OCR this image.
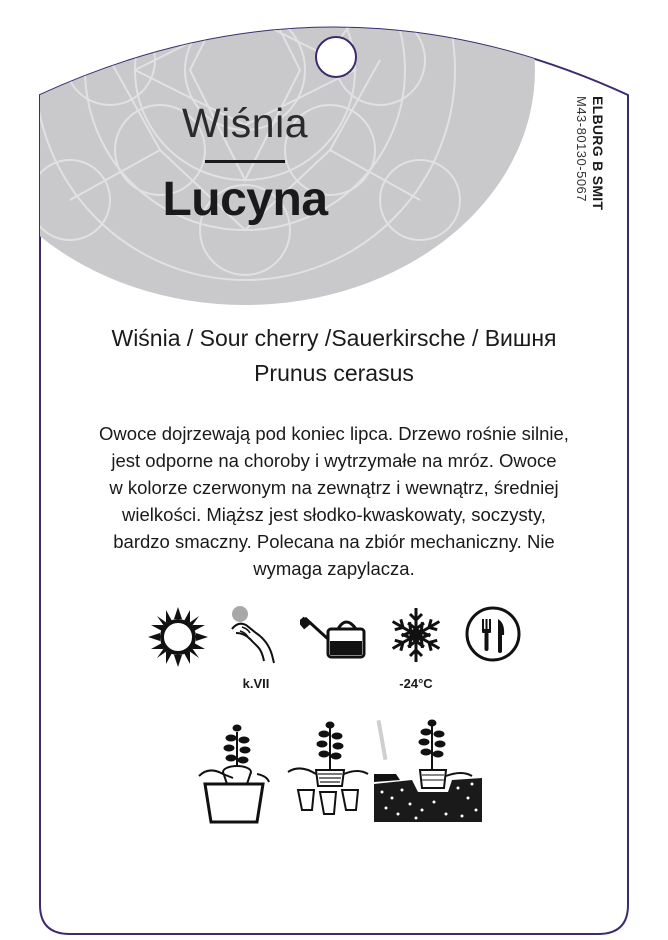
Wiśnia
Lucyna	ELBURG B SMIT
M43-80130-5067
Wiśnia / Sour cherry /Sauerkirsche / Вишня
Prunus cerasus
Owoce dojrzewają pod koniec lipca. Drzewo rośnie silnie,
jest odporne na choroby i wytrzymałe na mróz. Owoce
w kolorze czerwonym na zewnątrz i wewnątrz, średniej
wielkości. Miąższ jest słodko-kwaskowaty, soczysty,
bardzo smaczny. Polecana na zbiór mechaniczny. Nie
wymaga zapylacza.
k.VII	-24°C
